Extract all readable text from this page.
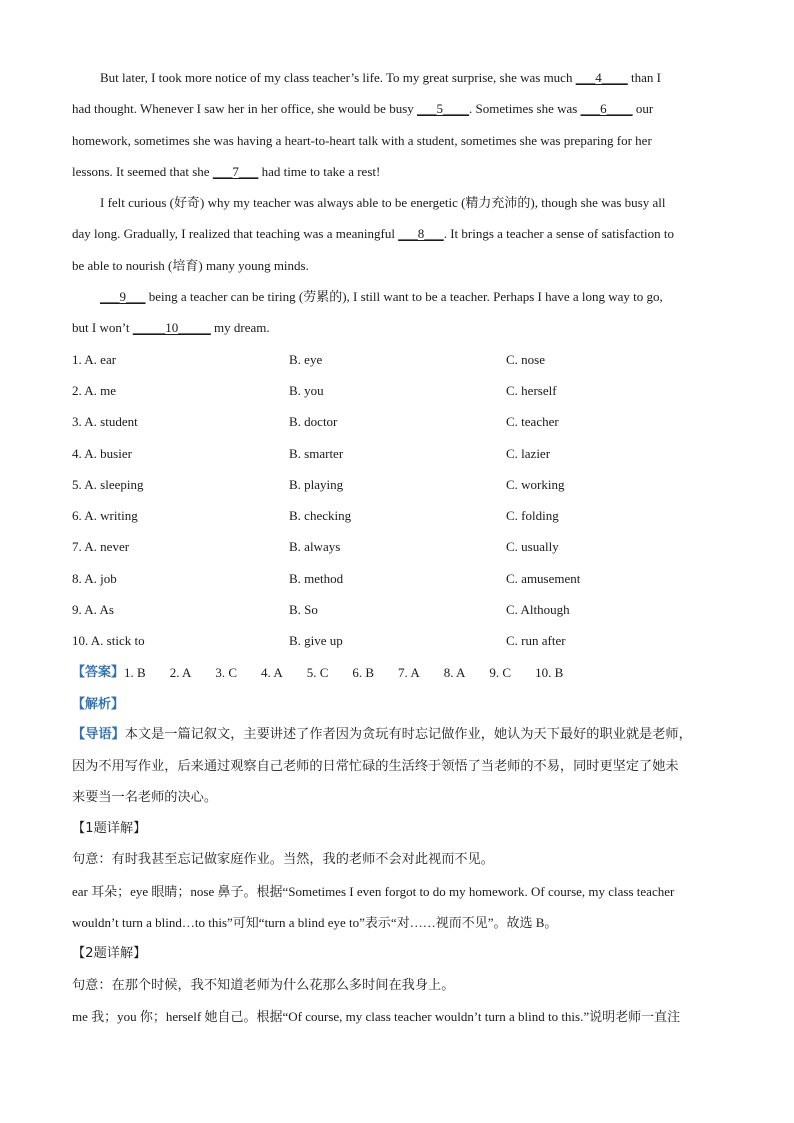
But later, I took more notice of my class teacher’s life. To my great surprise, she was much ___4____ than I
had thought. Whenever I saw her in her office, she would be busy ___5____. Sometimes she was ___6____ our
homework, sometimes she was having a heart-to-heart talk with a student, sometimes she was preparing for her
lessons. It seemed that she ___7___ had time to take a rest!
I felt curious (好奇) why my teacher was always able to be energetic (精力充沛的), though she was busy all
day long. Gradually, I realized that teaching was a meaningful ___8___. It brings a teacher a sense of satisfaction to
be able to nourish (培育) many young minds.
___9___ being a teacher can be tiring (劳累的), I still want to be a teacher. Perhaps I have a long way to go,
but I won’t _____10_____ my dream.
1. A. ear	B. eye	C. nose
2. A. me	B. you	C. herself
3. A. student	B. doctor	C. teacher
4. A. busier	B. smarter	C. lazier
5. A. sleeping	B. playing	C. working
6. A. writing	B. checking	C. folding
7. A. never	B. always	C. usually
8. A. job	B. method	C. amusement
9. A. As	B. So	C. Although
10. A. stick to	B. give up	C. run after
【答案】 1. B 2. A 3. C 4. A 5. C 6. B 7. A 8. A 9. C 10. B
【解析】
【导语】本文是一篇记叙文，主要讲述了作者因为贪玩有时忘记做作业，她认为天下最好的职业就是老师，
因为不用写作业，后来通过观察自己老师的日常忙碌的生活终于领悟了当老师的不易，同时更坚定了她未
来要当一名老师的决心。
【1题详解】
句意：有时我甚至忘记做家庭作业。当然，我的老师不会对此视而不见。
ear 耳朵；eye 眼睛；nose 鼻子。根据“Sometimes I even forgot to do my homework. Of course, my class teacher
wouldn’t turn a blind…to this”可知“turn a blind eye to”表示“对……视而不见”。故选 B。
【2题详解】
句意：在那个时候，我不知道老师为什么花那么多时间在我身上。
me 我；you 你；herself 她自己。根据“Of course, my class teacher wouldn’t turn a blind to this.”说明老师一直注
